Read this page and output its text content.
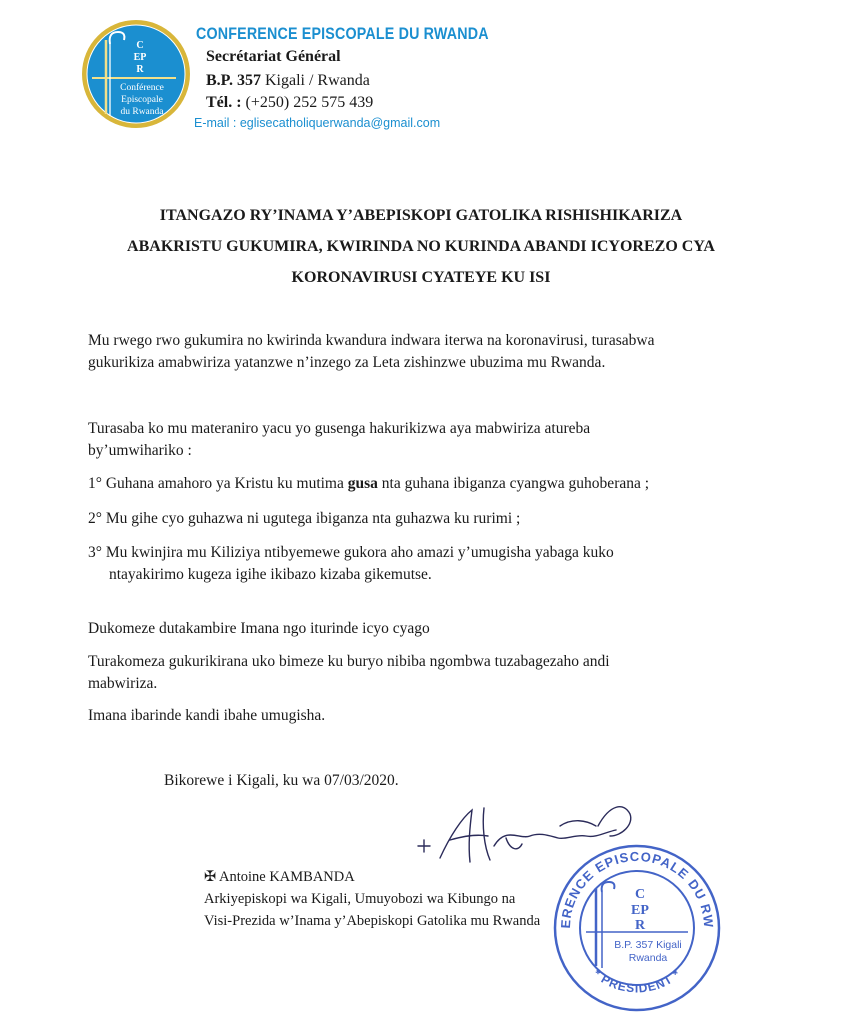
C
EP
R
Conférence
Episcopale
du Rwanda
CONFERENCE EPISCOPALE DU RWANDA
Secrétariat Général
B.P. 357 Kigali / Rwanda
Tél. : (+250) 252 575 439
E-mail : eglisecatholiquerwanda@gmail.com
ITANGAZO RY’INAMA Y’ABEPISKOPI GATOLIKA RISHISHIKARIZA
ABAKRISTU GUKUMIRA, KWIRINDA NO KURINDA ABANDI ICYOREZO CYA
KORONAVIRUSI CYATEYE KU ISI
Mu rwego rwo gukumira no kwirinda kwandura indwara iterwa na koronavirusi, turasabwa
gukurikiza amabwiriza yatanzwe n’inzego za Leta zishinzwe ubuzima mu Rwanda.
Turasaba ko mu materaniro yacu yo gusenga hakurikizwa aya mabwiriza atureba
by’umwihariko :
1° Guhana amahoro ya Kristu ku mutima gusa nta guhana ibiganza cyangwa guhoberana ;
2° Mu gihe cyo guhazwa ni ugutega ibiganza nta guhazwa ku rurimi ;
3° Mu kwinjira mu Kiliziya ntibyemewe gukora aho amazi y’umugisha yabaga kuko
ntayakirimo kugeza igihe ikibazo kizaba gikemutse.
Dukomeze dutakambire Imana ngo iturinde icyo cyago
Turakomeza gukurikirana uko bimeze ku buryo nibiba ngombwa tuzabagezaho andi
mabwiriza.
Imana ibarinde kandi ibahe umugisha.
Bikorewe i Kigali, ku wa 07/03/2020.
✠ Antoine KAMBANDA
Arkiyepiskopi wa Kigali, Umuyobozi wa Kibungo na
Visi-Prezida w’Inama y’Abepiskopi Gatolika mu Rwanda	ERENCE EPISCOPALE DU RW
* PRESIDENT *
C
EP
R
B.P. 357 Kigali
Rwanda
